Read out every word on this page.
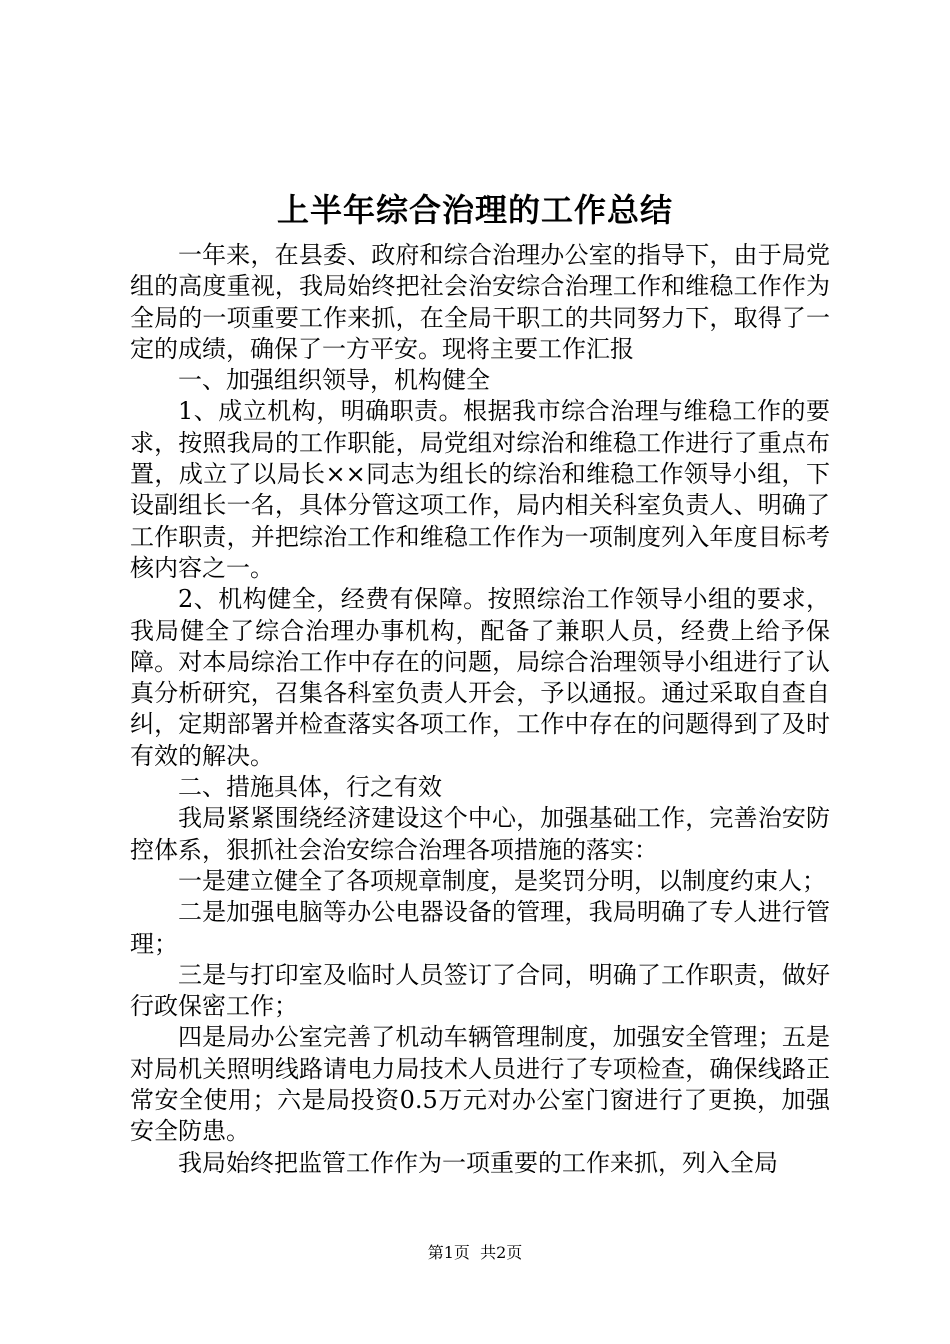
上半年综合治理的工作总结

一年来，在县委、政府和综合治理办公室的指导下，由于局党组的高度重视，我局始终把社会治安综合治理工作和维稳工作作为全局的一项重要工作来抓，在全局干职工的共同努力下，取得了一定的成绩，确保了一方平安。现将主要工作汇报

一、加强组织领导，机构健全

1、成立机构，明确职责。根据我市综合治理与维稳工作的要求，按照我局的工作职能，局党组对综治和维稳工作进行了重点布置，成立了以局长××同志为组长的综治和维稳工作领导小组，下设副组长一名，具体分管这项工作，局内相关科室负责人、明确了工作职责，并把综治工作和维稳工作作为一项制度列入年度目标考核内容之一。

2、机构健全，经费有保障。按照综治工作领导小组的要求，我局健全了综合治理办事机构，配备了兼职人员，经费上给予保障。对本局综治工作中存在的问题，局综合治理领导小组进行了认真分析研究，召集各科室负责人开会，予以通报。通过采取自查自纠，定期部署并检查落实各项工作，工作中存在的问题得到了及时有效的解决。

二、措施具体，行之有效

我局紧紧围绕经济建设这个中心，加强基础工作，完善治安防控体系，狠抓社会治安综合治理各项措施的落实：

一是建立健全了各项规章制度，是奖罚分明，以制度约束人；

二是加强电脑等办公电器设备的管理，我局明确了专人进行管理；

三是与打印室及临时人员签订了合同，明确了工作职责，做好行政保密工作；

四是局办公室完善了机动车辆管理制度，加强安全管理；五是对局机关照明线路请电力局技术人员进行了专项检查，确保线路正常安全使用；六是局投资0.5万元对办公室门窗进行了更换，加强安全防患。

我局始终把监管工作作为一项重要的工作来抓，列入全局

第1页 共2页
